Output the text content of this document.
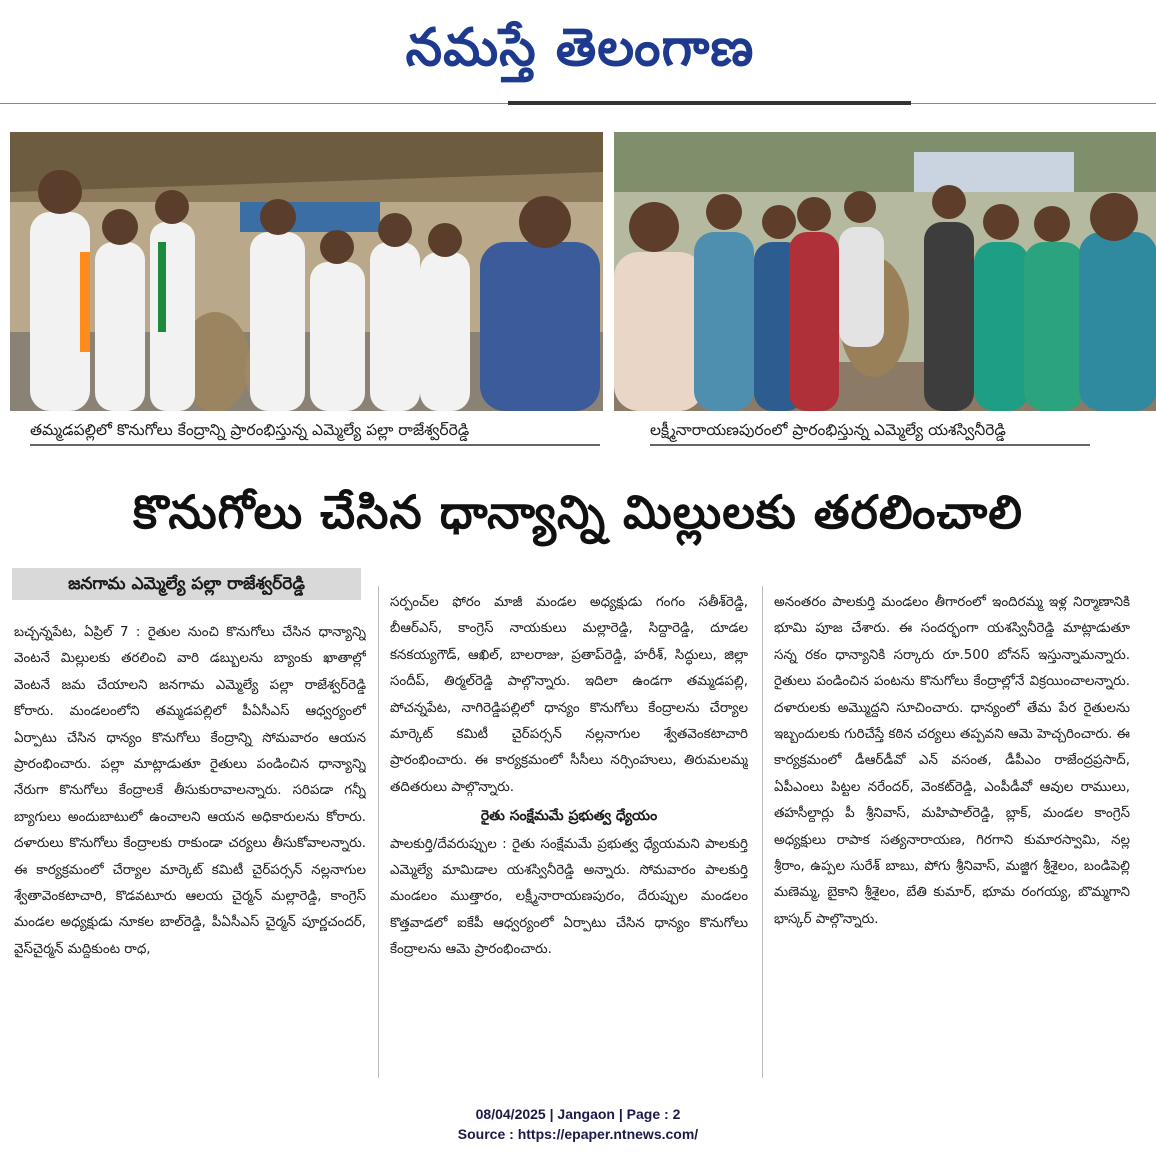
నమస్తే తెలంగాణ
తమ్మడపల్లిలో కొనుగోలు కేంద్రాన్ని ప్రారంభిస్తున్న ఎమ్మెల్యే పల్లా రాజేశ్వర్‌రెడ్డి	లక్ష్మీనారాయణపురంలో ప్రారంభిస్తున్న ఎమ్మెల్యే యశస్వినీరెడ్డి
కొనుగోలు చేసిన ధాన్యాన్ని మిల్లులకు తరలించాలి
జనగామ ఎమ్మెల్యే పల్లా రాజేశ్వర్‌రెడ్డి

బచ్చన్నపేట, ఏప్రిల్ 7 : రైతుల నుంచి కొనుగోలు చేసిన ధాన్యాన్ని వెంటనే మిల్లులకు తరలించి వారి డబ్బులను బ్యాంకు ఖాతాల్లో వెంటనే జమ చేయాలని జనగామ ఎమ్మెల్యే పల్లా రాజేశ్వర్‌రెడ్డి కోరారు. మండలంలోని తమ్మడపల్లిలో పీఏసీఎస్ ఆధ్వర్యంలో ఏర్పాటు చేసిన ధాన్యం కొనుగోలు కేంద్రాన్ని సోమవారం ఆయన ప్రారంభించారు. పల్లా మాట్లాడుతూ రైతులు పండించిన ధాన్యాన్ని నేరుగా కొనుగోలు కేంద్రాలకే తీసుకురావాలన్నారు. సరిపడా గన్నీ బ్యాగులు అందుబాటులో ఉంచాలని ఆయన అధికారులను కోరారు. దళారులు కొనుగోలు కేంద్రాలకు రాకుండా చర్యలు తీసుకోవాలన్నారు. ఈ కార్యక్రమంలో చేర్యాల మార్కెట్ కమిటీ చైర్‌పర్సన్ నల్లనాగుల శ్వేతావెంకటాచారి, కొడవటూరు ఆలయ చైర్మన్ మల్లారెడ్డి, కాంగ్రెస్ మండల అధ్యక్షుడు నూకల బాల్‌రెడ్డి, పీఏసీఎస్ చైర్మన్ పూర్ణచందర్, వైస్‌చైర్మన్ మద్దికుంట రాధ,

సర్పంచ్‌ల ఫోరం మాజీ మండల అధ్యక్షుడు గంగం సతీశ్‌రెడ్డి, బీఆర్‌ఎస్, కాంగ్రెస్ నాయకులు మల్లారెడ్డి, సిద్దారెడ్డి, దూడల కనకయ్యగౌడ్, ఆఖిల్, బాలరాజు, ప్రతాప్‌రెడ్డి, హరీశ్, సిద్ధులు, జిల్లా సందీప్, తిర్మల్‌రెడ్డి పాల్గొన్నారు. ఇదిలా ఉండగా తమ్మడపల్లి, పోచన్నపేట, నాగిరెడ్డిపల్లిలో ధాన్యం కొనుగోలు కేంద్రాలను చేర్యాల మార్కెట్ కమిటీ చైర్‌పర్సన్ నల్లనాగుల శ్వేతవెంకటాచారి ప్రారంభించారు. ఈ కార్యక్రమంలో సీసీలు నర్సింహులు, తిరుమలమ్మ తదితరులు పాల్గొన్నారు.

రైతు సంక్షేమమే ప్రభుత్వ ధ్యేయం

పాలకుర్తి/దేవరుప్పుల : రైతు సంక్షేమమే ప్రభుత్వ ధ్యేయమని పాలకుర్తి ఎమ్మెల్యే మామిడాల యశస్వినీరెడ్డి అన్నారు. సోమవారం పాలకుర్తి మండలం ముత్తారం, లక్ష్మీనారాయణపురం, దేరుప్పుల మండలం కొత్తవాడలో ఐకేపీ ఆధ్వర్యంలో ఏర్పాటు చేసిన ధాన్యం కొనుగోలు కేంద్రాలను ఆమె ప్రారంభించారు.

అనంతరం పాలకుర్తి మండలం తీగారంలో ఇందిరమ్మ ఇళ్ల నిర్మాణానికి భూమి పూజ చేశారు. ఈ సందర్భంగా యశస్వినీరెడ్డి మాట్లాడుతూ సన్న రకం ధాన్యానికి సర్కారు రూ.500 బోనస్ ఇస్తున్నామన్నారు. రైతులు పండించిన పంటను కొనుగోలు కేంద్రాల్లోనే విక్రయించాలన్నారు. దళారులకు అమ్మొద్దని సూచించారు. ధాన్యంలో తేమ పేర రైతులను ఇబ్బందులకు గురిచేస్తే కఠిన చర్యలు తప్పవని ఆమె హెచ్చరించారు. ఈ కార్యక్రమంలో డీఆర్‌డీవో ఎన్ వసంత, డీపీఎం రాజేంద్రప్రసాద్, ఏపీఎంలు పిట్టల నరేందర్, వెంకట్‌రెడ్డి, ఎంపీడీవో ఆవుల రాములు, తహసీల్దార్లు పీ శ్రీనివాస్, మహిపాల్‌రెడ్డి, బ్లాక్, మండల కాంగ్రెస్ అధ్యక్షులు రాపాక సత్యనారాయణ, గిరగాని కుమారస్వామి, నల్ల శ్రీరాం, ఉప్పల సురేశ్ బాబు, పోగు శ్రీనివాస్, మజ్జిగ శ్రీశైలం, బండిపెల్లి మణెమ్మ, బైకాని శ్రీశైలం, బేతి కుమార్, భూమ రంగయ్య, బొమ్మగాని భాస్కర్ పాల్గొన్నారు.

08/04/2025 | Jangaon | Page : 2
Source : https://epaper.ntnews.com/
